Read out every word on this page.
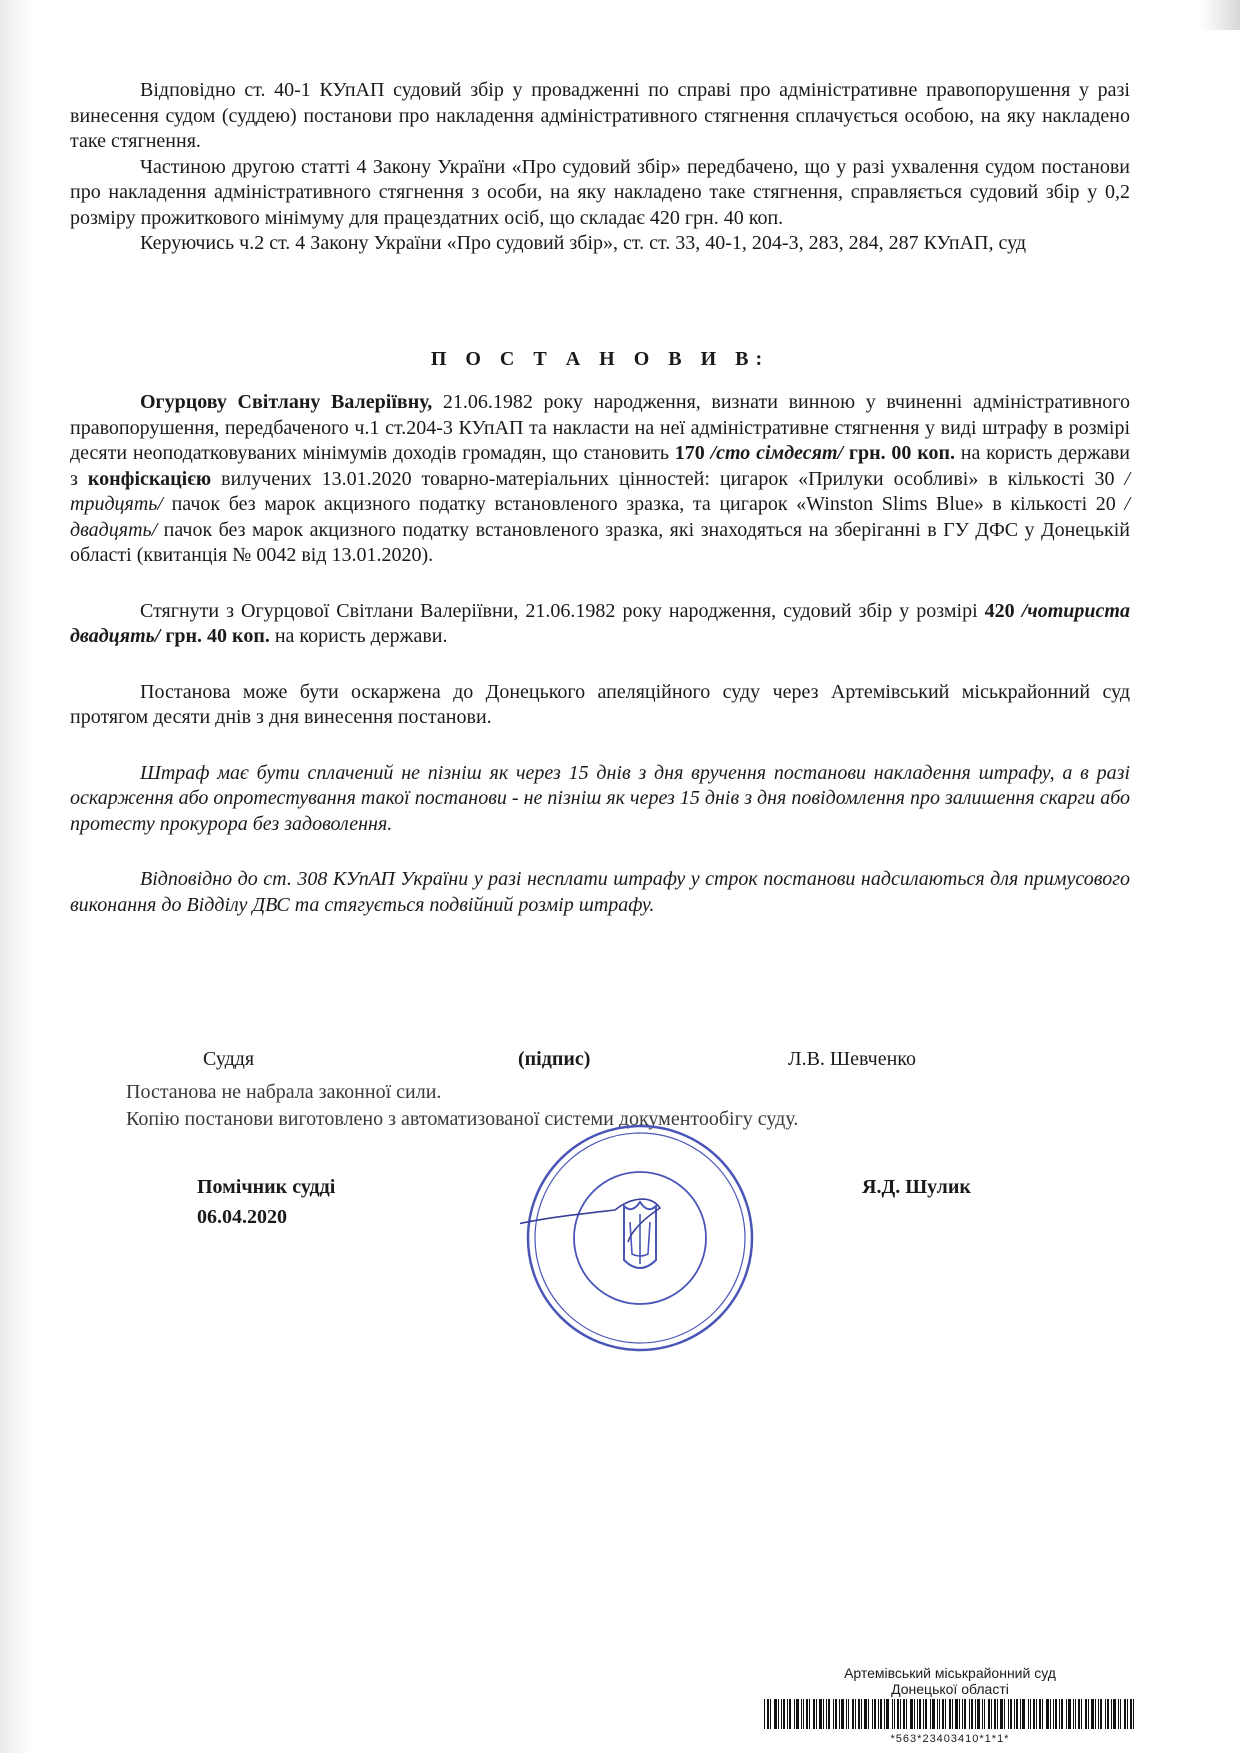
Відповідно ст. 40-1 КУпАП судовий збір у провадженні по справі про адміністративне правопорушення у разі винесення судом (суддею) постанови про накладення адміністративного стягнення сплачується особою, на яку накладено таке стягнення.

Частиною другою статті 4 Закону України «Про судовий збір» передбачено, що у разі ухвалення судом постанови про накладення адміністративного стягнення з особи, на яку накладено таке стягнення, справляється судовий збір у 0,2 розміру прожиткового мінімуму для працездатних осіб, що складає 420 грн. 40 коп.

Керуючись ч.2 ст. 4 Закону України «Про судовий збір», ст. ст. 33, 40-1, 204-3, 283, 284, 287 КУпАП, суд

П О С Т А Н О В И В:

Огурцову Світлану Валеріївну, 21.06.1982 року народження, визнати винною у вчиненні адміністративного правопорушення, передбаченого ч.1 ст.204-3 КУпАП та накласти на неї адміністративне стягнення у виді штрафу в розмірі десяти неоподатковуваних мінімумів доходів громадян, що становить 170 /сто сімдесят/ грн. 00 коп. на користь держави з конфіскацією вилучених 13.01.2020 товарно-матеріальних цінностей: цигарок «Прилуки особливі» в кількості 30 /тридцять/ пачок без марок акцизного податку встановленого зразка, та цигарок «Winston Slims Blue» в кількості 20 /двадцять/ пачок без марок акцизного податку встановленого зразка, які знаходяться на зберіганні в ГУ ДФС у Донецькій області (квитанція № 0042 від 13.01.2020).

Стягнути з Огурцової Світлани Валеріївни, 21.06.1982 року народження, судовий збір у розмірі 420 /чотириста двадцять/ грн. 40 коп. на користь держави.

Постанова може бути оскаржена до Донецького апеляційного суду через Артемівський міськрайонний суд протягом десяти днів з дня винесення постанови.

Штраф має бути сплачений не пізніш як через 15 днів з дня вручення постанови накладення штрафу, а в разі оскарження або опротестування такої постанови - не пізніш як через 15 днів з дня повідомлення про залишення скарги або протесту прокурора без задоволення.

Відповідно до ст. 308 КУпАП України у разі несплати штрафу у строк постанови надсилаються для примусового виконання до Відділу ДВС та стягується подвійний розмір штрафу.

Суддя	(підпис)	Л.В. Шевченко
Постанова не набрала законної сили.
Копію постанови виготовлено з автоматизованої системи документообігу суду.
Помічник судді
06.04.2020
Я.Д. Шулик
Артемівський міськрайонний суд
Донецької області
*563*23403410*1*1*
